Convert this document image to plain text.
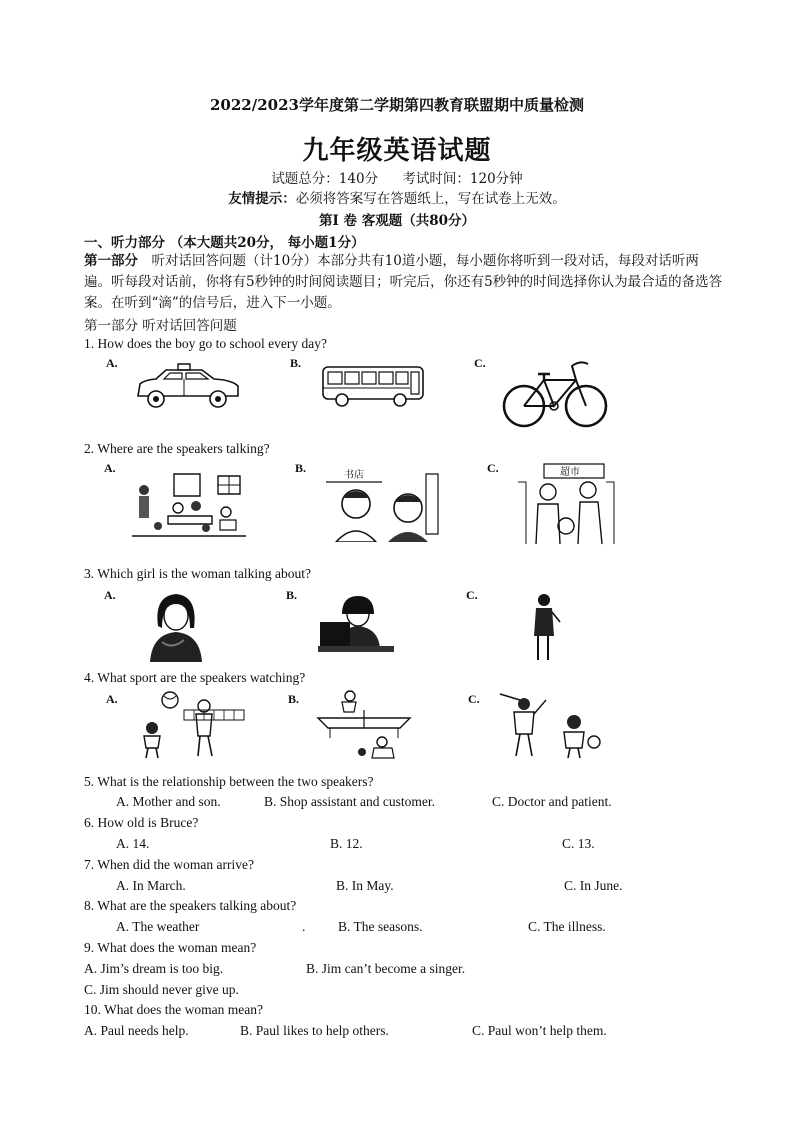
2022/2023学年度第二学期第四教育联盟期中质量检测
九年级英语试题
试题总分：140分 考试时间：120分钟
友情提示：必须将答案写在答题纸上，写在试卷上无效。
第Ⅰ 卷 客观题（共80分）
一、听力部分 （本大题共20分， 每小题1分）
第一部分　听对话回答问题（计10分）本部分共有10道小题，每小题你将听到一段对话，每段对话听两遍。听每段对话前，你将有5秒钟的时间阅读题目；听完后，你还有5秒钟的时间选择你认为最合适的备选答案。在听到“滴”的信号后，进入下一小题。
第一部分 听对话回答问题
1. How does the boy go to school every day?
A.	B.	C.
2. Where are the speakers talking?
A.	B.	C.
书店	超市
3. Which girl is the woman talking about?
A.	B.	C.
4. What sport are the speakers watching?
A.	B.	C.
5. What is the relationship between the two speakers?
A. Mother and son.	B. Shop assistant and customer.	C. Doctor and patient.
6. How old is Bruce?
A. 14.	B. 12.	C. 13.
7. When did the woman arrive?
A. In March.	B. In May.	C. In June.
8. What are the speakers talking about?
A. The weather	. B. The seasons.	C. The illness.
9. What does the woman mean?
A. Jim’s dream is too big.	B. Jim can’t become a singer.
C. Jim should never give up.
10. What does the woman mean?
A. Paul needs help.	B. Paul likes to help others.	C. Paul won’t help them.
